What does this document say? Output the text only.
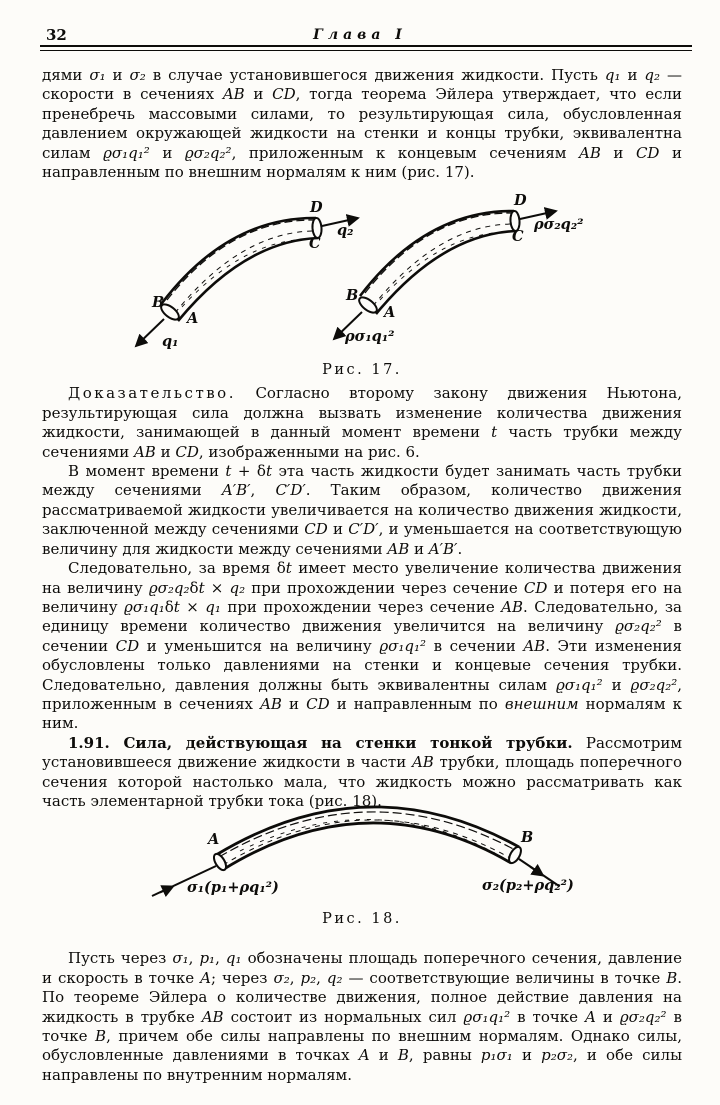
32	Глава I

дями σ₁ и σ₂ в случае установившегося движения жидкости. Пусть q₁ и q₂ — скорости в сечениях AB и CD, тогда теорема Эйлера утверждает, что если пренебречь массовыми силами, то результирующая сила, обусловленная давлением окружающей жидкости на стенки и концы трубки, эквивалентна силам ϱσ₁q₁² и ϱσ₂q₂², приложенным к концевым сечениям AB и CD и направленным по внешним нормалям к ним (рис. 17).

D
C
q₂
B
A
q₁
D
C
ρσ₂q₂²
B
A
ρσ₁q₁²
Рис. 17.

Доказательство. Согласно второму закону движения Ньютона, результирующая сила должна вызвать изменение количества движения жидкости, занимающей в данный момент времени t часть трубки между сечениями AB и CD, изображенными на рис. 6.

В момент времени t + δt эта часть жидкости будет занимать часть трубки между сечениями A′B′, C′D′. Таким образом, количество движения рассматриваемой жидкости увеличивается на количество движения жидкости, заключенной между сечениями CD и C′D′, и уменьшается на соответствующую величину для жидкости между сечениями AB и A′B′.

Следовательно, за время δt имеет место увеличение количества движения на величину ϱσ₂q₂δt × q₂ при прохождении через сечение CD и потеря его на величину ϱσ₁q₁δt × q₁ при прохождении через сечение AB. Следовательно, за единицу времени количество движения увеличится на величину ϱσ₂q₂² в сечении CD и уменьшится на величину ϱσ₁q₁² в сечении AB. Эти изменения обусловлены только давлениями на стенки и концевые сечения трубки. Следовательно, давления должны быть эквивалентны силам ϱσ₁q₁² и ϱσ₂q₂², приложенным в сечениях AB и CD и направленным по внешним нормалям к ним.

1.91. Сила, действующая на стенки тонкой трубки. Рассмотрим установившееся движение жидкости в части AB трубки, площадь поперечного сечения которой настолько мала, что жидкость можно рассматривать как часть элементарной трубки тока (рис. 18).

A	B
σ₁(p₁+ρq₁²)	σ₂(p₂+ρq₂²)
Рис. 18.

Пусть через σ₁, p₁, q₁ обозначены площадь поперечного сечения, давление и скорость в точке A; через σ₂, p₂, q₂ — соответствующие величины в точке B. По теореме Эйлера о количестве движения, полное действие давления на жидкость в трубке AB состоит из нормальных сил ϱσ₁q₁² в точке A и ϱσ₂q₂² в точке B, причем обе силы направлены по внешним нормалям. Однако силы, обусловленные давлениями в точках A и B, равны p₁σ₁ и p₂σ₂, и обе силы направлены по внутренним нормалям.
